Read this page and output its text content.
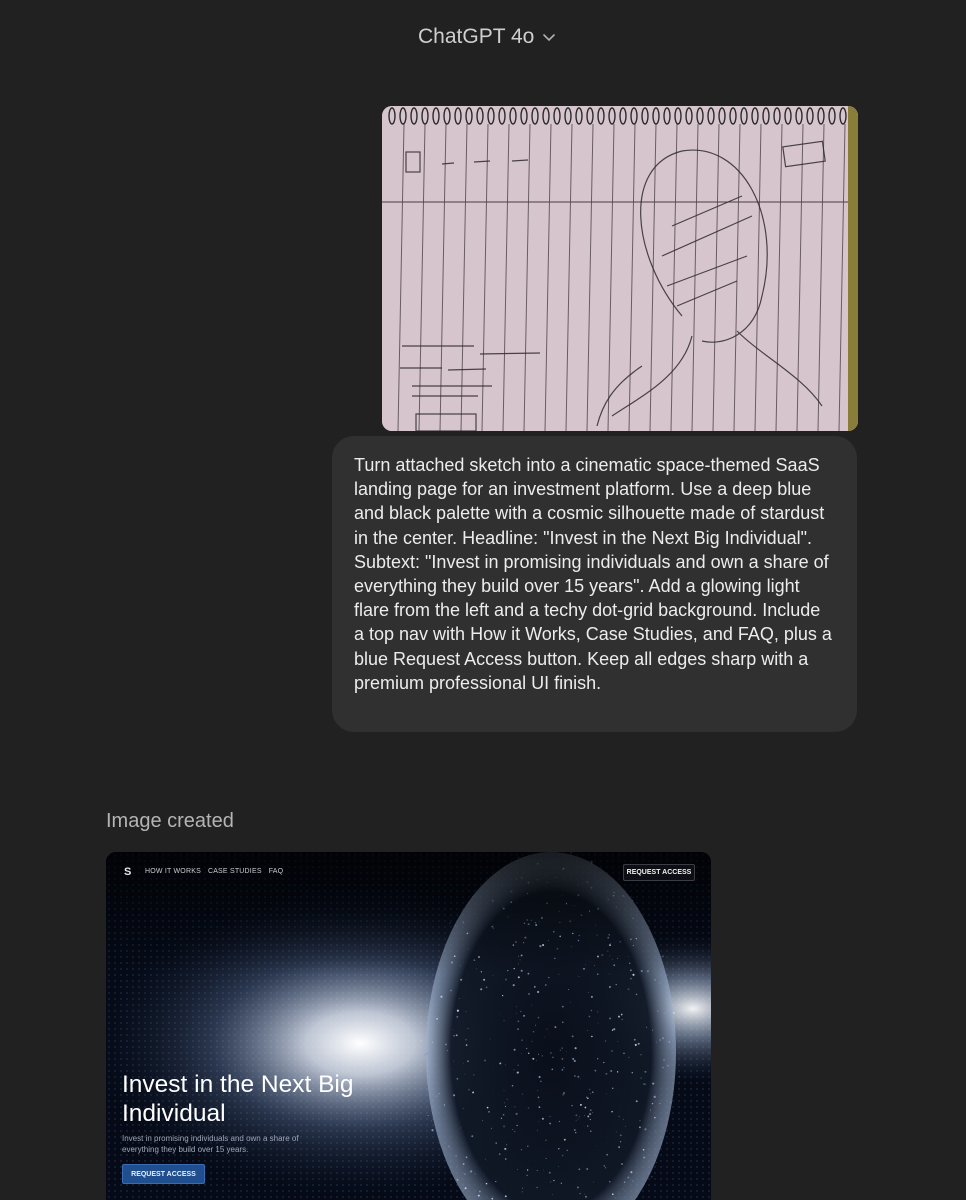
ChatGPT 4o
Turn attached sketch into a cinematic space-themed SaaS landing page for an investment platform. Use a deep blue and black palette with a cosmic silhouette made of stardust in the center. Headline: "Invest in the Next Big Individual". Subtext: "Invest in promising individuals and own a share of everything they build over 15 years". Add a glowing light flare from the left and a techy dot-grid background. Include a top nav with How it Works, Case Studies, and FAQ, plus a blue Request Access button. Keep all edges sharp with a premium professional UI finish.
Image created
S HOW IT WORKS CASE STUDIES FAQ	REQUEST ACCESS
Invest in the Next Big Individual
Invest in promising individuals and own a share of everything they build over 15 years.
REQUEST ACCESS
